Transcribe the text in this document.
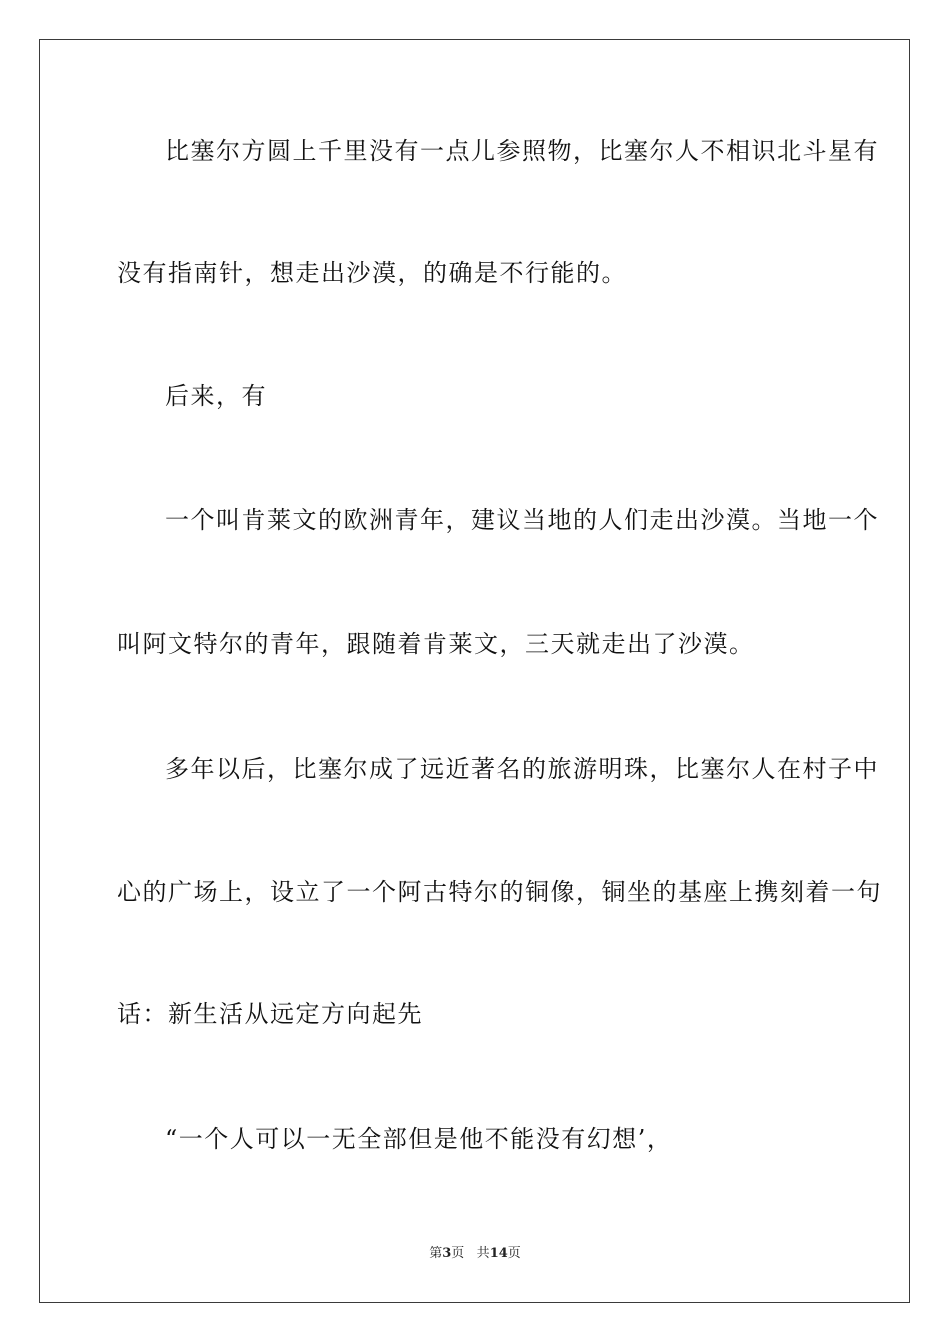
比塞尔方圆上千里没有一点儿参照物，比塞尔人不相识北斗星有
没有指南针，想走出沙漠，的确是不行能的。
后来，有
一个叫肯莱文的欧洲青年，建议当地的人们走出沙漠。当地一个
叫阿文特尔的青年，跟随着肯莱文，三天就走出了沙漠。
多年以后，比塞尔成了远近著名的旅游明珠，比塞尔人在村子中
心的广场上，设立了一个阿古特尔的铜像，铜坐的基座上携刻着一句
话：新生活从远定方向起先
“一个人可以一无全部但是他不能没有幻想’，
第3页 共14页
